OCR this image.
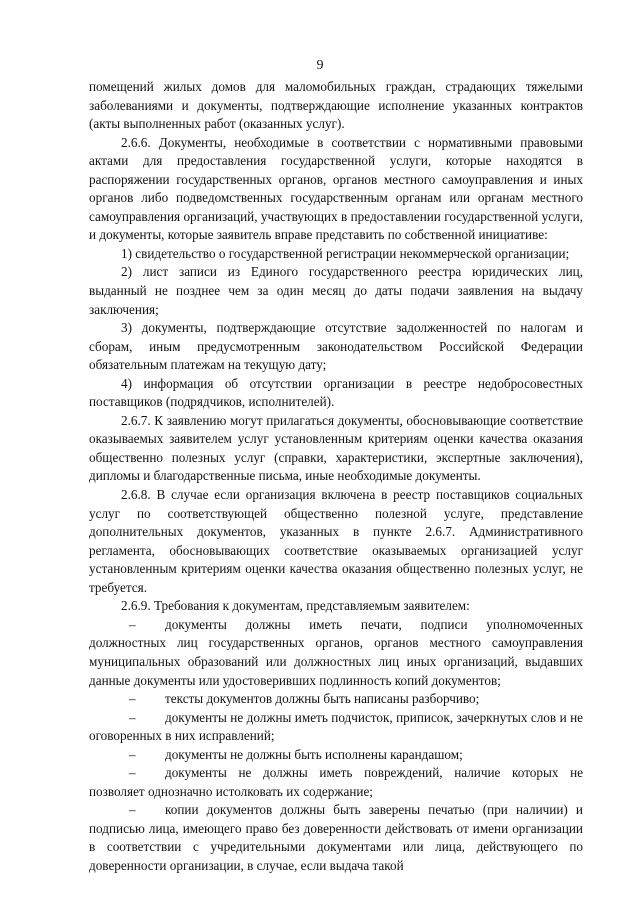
9

помещений жилых домов для маломобильных граждан, страдающих тяжелыми заболеваниями и документы, подтверждающие исполнение указанных контрактов (акты выполненных работ (оказанных услуг).

2.6.6. Документы, необходимые в соответствии с нормативными правовыми актами для предоставления государственной услуги, которые находятся в распоряжении государственных органов, органов местного самоуправления и иных органов либо подведомственных государственным органам или органам местного самоуправления организаций, участвующих в предоставлении государственной услуги, и документы, которые заявитель вправе представить по собственной инициативе:

1) свидетельство о государственной регистрации некоммерческой организации;

2) лист записи из Единого государственного реестра юридических лиц, выданный не позднее чем за один месяц до даты подачи заявления на выдачу заключения;

3) документы, подтверждающие отсутствие задолженностей по налогам и сборам, иным предусмотренным законодательством Российской Федерации обязательным платежам на текущую дату;

4) информация об отсутствии организации в реестре недобросовестных поставщиков (подрядчиков, исполнителей).

2.6.7. К заявлению могут прилагаться документы, обосновывающие соответствие оказываемых заявителем услуг установленным критериям оценки качества оказания общественно полезных услуг (справки, характеристики, экспертные заключения), дипломы и благодарственные письма, иные необходимые документы.

2.6.8. В случае если организация включена в реестр поставщиков социальных услуг по соответствующей общественно полезной услуге, представление дополнительных документов, указанных в пункте 2.6.7. Административного регламента, обосновывающих соответствие оказываемых организацией услуг установленным критериям оценки качества оказания общественно полезных услуг, не требуется.

2.6.9. Требования к документам, представляемым заявителем:

– документы должны иметь печати, подписи уполномоченных должностных лиц государственных органов, органов местного самоуправления муниципальных образований или должностных лиц иных организаций, выдавших данные документы или удостоверивших подлинность копий документов;

– тексты документов должны быть написаны разборчиво;

– документы не должны иметь подчисток, приписок, зачеркнутых слов и не оговоренных в них исправлений;

– документы не должны быть исполнены карандашом;

– документы не должны иметь повреждений, наличие которых не позволяет однозначно истолковать их содержание;

– копии документов должны быть заверены печатью (при наличии) и подписью лица, имеющего право без доверенности действовать от имени организации в соответствии с учредительными документами или лица, действующего по доверенности организации, в случае, если выдача такой
